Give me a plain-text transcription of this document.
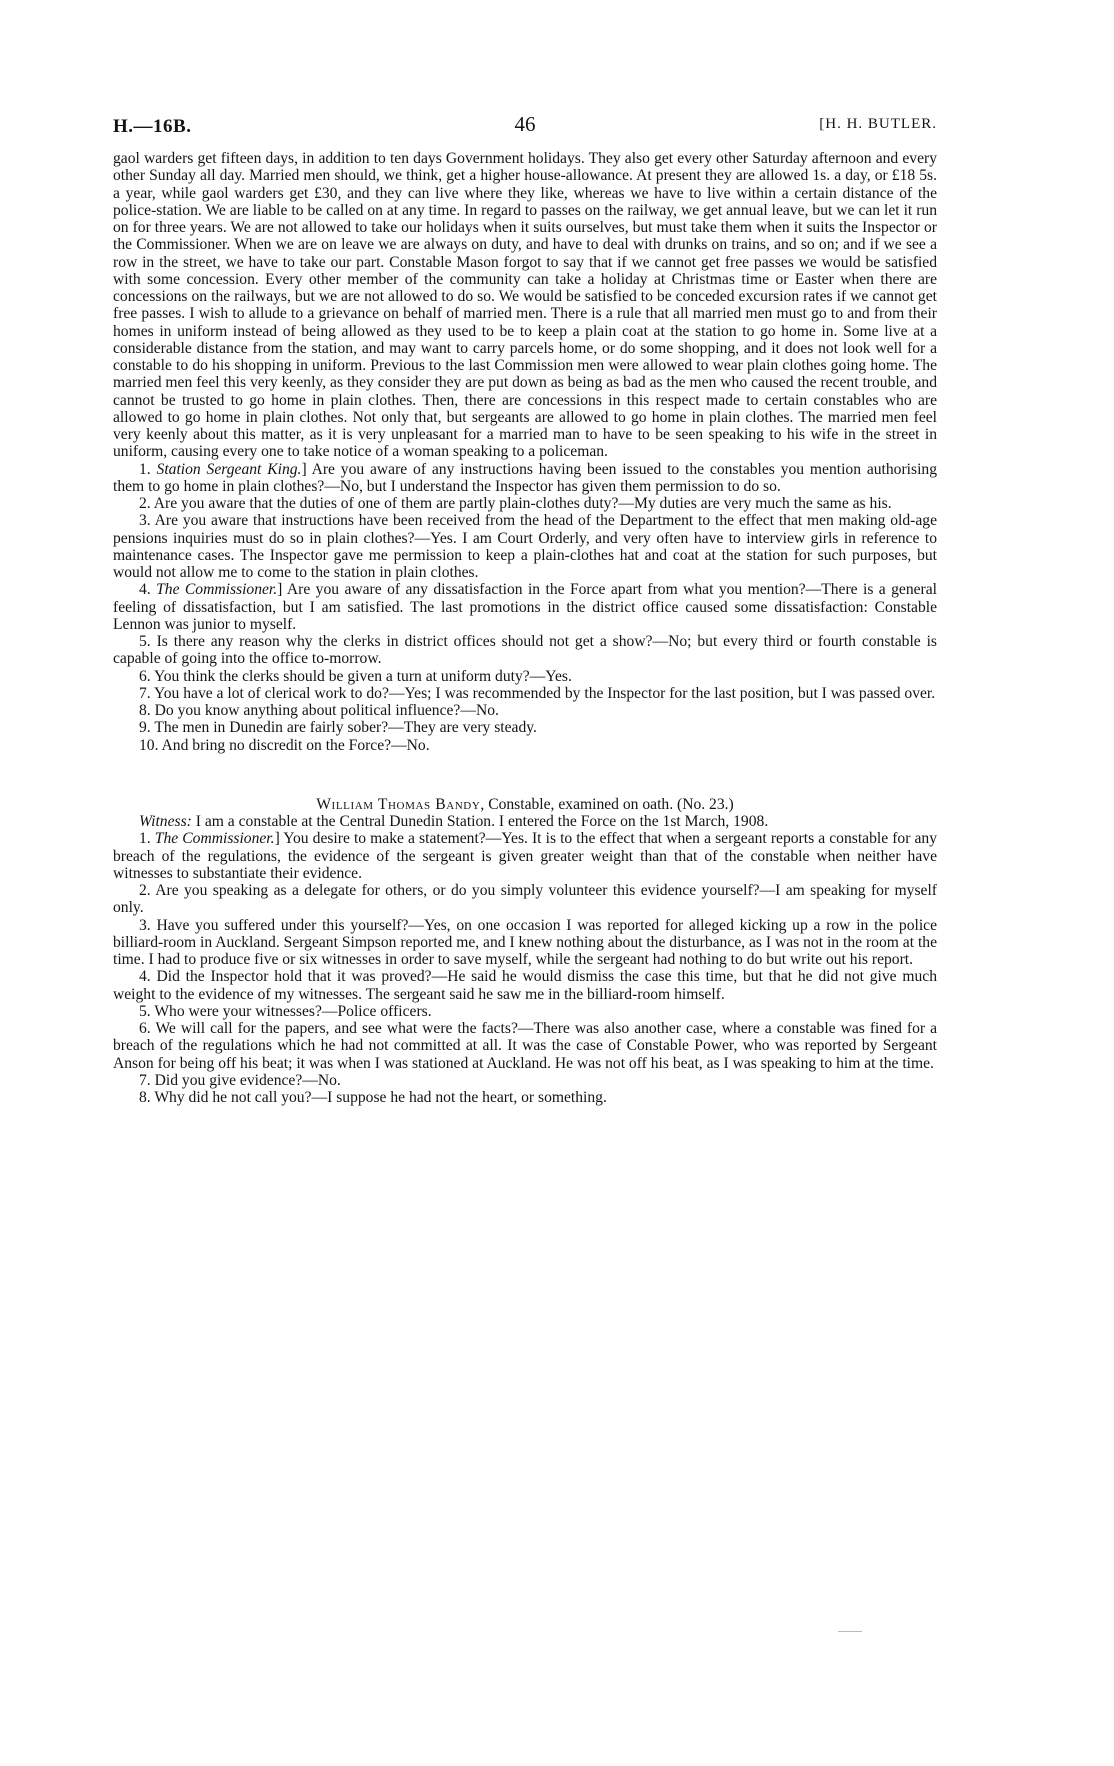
H.—16B.	46	[H. H. BUTLER.

gaol warders get fifteen days, in addition to ten days Government holidays. They also get every other Saturday afternoon and every other Sunday all day. Married men should, we think, get a higher house-allowance. At present they are allowed 1s. a day, or £18 5s. a year, while gaol warders get £30, and they can live where they like, whereas we have to live within a certain distance of the police-station. We are liable to be called on at any time. In regard to passes on the railway, we get annual leave, but we can let it run on for three years. We are not allowed to take our holidays when it suits ourselves, but must take them when it suits the Inspector or the Commissioner. When we are on leave we are always on duty, and have to deal with drunks on trains, and so on; and if we see a row in the street, we have to take our part. Constable Mason forgot to say that if we cannot get free passes we would be satisfied with some concession. Every other member of the community can take a holiday at Christmas time or Easter when there are concessions on the railways, but we are not allowed to do so. We would be satisfied to be conceded excursion rates if we cannot get free passes. I wish to allude to a grievance on behalf of married men. There is a rule that all married men must go to and from their homes in uniform instead of being allowed as they used to be to keep a plain coat at the station to go home in. Some live at a considerable distance from the station, and may want to carry parcels home, or do some shopping, and it does not look well for a constable to do his shopping in uniform. Previous to the last Commission men were allowed to wear plain clothes going home. The married men feel this very keenly, as they consider they are put down as being as bad as the men who caused the recent trouble, and cannot be trusted to go home in plain clothes. Then, there are concessions in this respect made to certain constables who are allowed to go home in plain clothes. Not only that, but sergeants are allowed to go home in plain clothes. The married men feel very keenly about this matter, as it is very unpleasant for a married man to have to be seen speaking to his wife in the street in uniform, causing every one to take notice of a woman speaking to a policeman.

1. Station Sergeant King.] Are you aware of any instructions having been issued to the constables you mention authorising them to go home in plain clothes?—No, but I understand the Inspector has given them permission to do so.

2. Are you aware that the duties of one of them are partly plain-clothes duty?—My duties are very much the same as his.

3. Are you aware that instructions have been received from the head of the Department to the effect that men making old-age pensions inquiries must do so in plain clothes?—Yes. I am Court Orderly, and very often have to interview girls in reference to maintenance cases. The Inspector gave me permission to keep a plain-clothes hat and coat at the station for such purposes, but would not allow me to come to the station in plain clothes.

4. The Commissioner.] Are you aware of any dissatisfaction in the Force apart from what you mention?—There is a general feeling of dissatisfaction, but I am satisfied. The last promotions in the district office caused some dissatisfaction: Constable Lennon was junior to myself.

5. Is there any reason why the clerks in district offices should not get a show?—No; but every third or fourth constable is capable of going into the office to-morrow.

6. You think the clerks should be given a turn at uniform duty?—Yes.

7. You have a lot of clerical work to do?—Yes; I was recommended by the Inspector for the last position, but I was passed over.

8. Do you know anything about political influence?—No.

9. The men in Dunedin are fairly sober?—They are very steady.

10. And bring no discredit on the Force?—No.

William Thomas Bandy, Constable, examined on oath. (No. 23.)

Witness: I am a constable at the Central Dunedin Station. I entered the Force on the 1st March, 1908.

1. The Commissioner.] You desire to make a statement?—Yes. It is to the effect that when a sergeant reports a constable for any breach of the regulations, the evidence of the sergeant is given greater weight than that of the constable when neither have witnesses to substantiate their evidence.

2. Are you speaking as a delegate for others, or do you simply volunteer this evidence yourself?—I am speaking for myself only.

3. Have you suffered under this yourself?—Yes, on one occasion I was reported for alleged kicking up a row in the police billiard-room in Auckland. Sergeant Simpson reported me, and I knew nothing about the disturbance, as I was not in the room at the time. I had to produce five or six witnesses in order to save myself, while the sergeant had nothing to do but write out his report.

4. Did the Inspector hold that it was proved?—He said he would dismiss the case this time, but that he did not give much weight to the evidence of my witnesses. The sergeant said he saw me in the billiard-room himself.

5. Who were your witnesses?—Police officers.

6. We will call for the papers, and see what were the facts?—There was also another case, where a constable was fined for a breach of the regulations which he had not committed at all. It was the case of Constable Power, who was reported by Sergeant Anson for being off his beat; it was when I was stationed at Auckland. He was not off his beat, as I was speaking to him at the time.

7. Did you give evidence?—No.

8. Why did he not call you?—I suppose he had not the heart, or something.
